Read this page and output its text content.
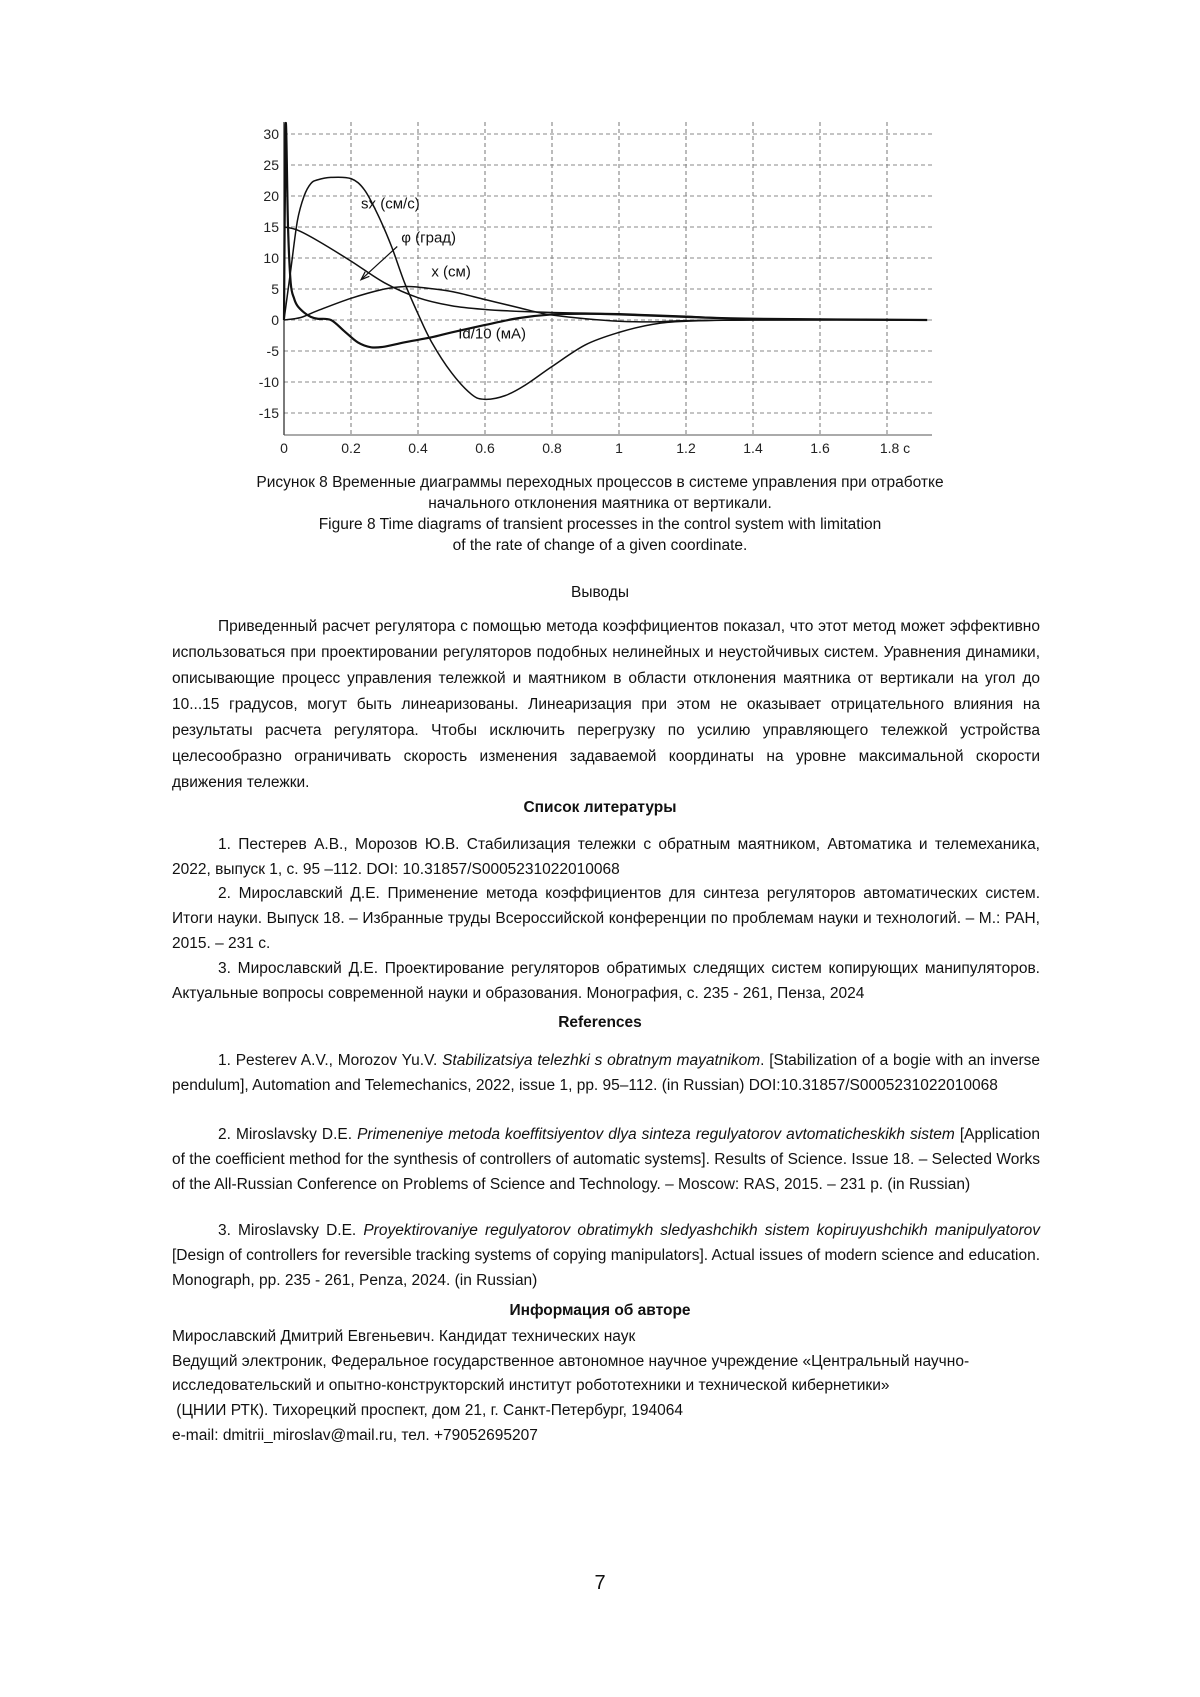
30
25
20
15
10
5
0
-5
-10
-15
0	0.2	0.4	0.6	0.8	1	1.2	1.4	1.6	1.8 с
sx (см/с)
φ (град)
x (см)
Id/10 (мА)
Рисунок 8 Временные диаграммы переходных процессов в системе управления при отработке
начального отклонения маятника от вертикали.
Figure 8 Time diagrams of transient processes in the control system with limitation
of the rate of change of a given coordinate.
Выводы
Приведенный расчет регулятора с помощью метода коэффициентов показал, что этот метод может эффективно использоваться при проектировании регуляторов подобных нелинейных и неустойчивых систем. Уравнения динамики, описывающие процесс управления тележкой и маятником в области отклонения маятника от вертикали на угол до 10...15 градусов, могут быть линеаризованы. Линеаризация при этом не оказывает отрицательного влияния на результаты расчета регулятора. Чтобы исключить перегрузку по усилию управляющего тележкой устройства целесообразно ограничивать скорость изменения задаваемой координаты на уровне максимальной скорости движения тележки.
Список литературы
1. Пестерев А.В., Морозов Ю.В. Стабилизация тележки с обратным маятником, Автоматика и телемеханика, 2022, выпуск 1, с. 95 –112. DOI: 10.31857/S0005231022010068
2. Мирославский Д.Е. Применение метода коэффициентов для синтеза регуляторов автоматических систем. Итоги науки. Выпуск 18. – Избранные труды Всероссийской конференции по проблемам науки и технологий. – М.: РАН, 2015. – 231 с.
3. Мирославский Д.Е. Проектирование регуляторов обратимых следящих систем копирующих манипуляторов. Актуальные вопросы современной науки и образования. Монография, с. 235 - 261, Пенза, 2024
References
1. Pesterev A.V., Morozov Yu.V. Stabilizatsiya telezhki s obratnym mayatnikom. [Stabilization of a bogie with an inverse pendulum], Automation and Telemechanics, 2022, issue 1, pp. 95–112. (in Russian) DOI:10.31857/S0005231022010068
2. Miroslavsky D.E. Primeneniye metoda koeffitsiyentov dlya sinteza regulyatorov avtomaticheskikh sistem [Application of the coefficient method for the synthesis of controllers of automatic systems]. Results of Science. Issue 18. – Selected Works of the All-Russian Conference on Problems of Science and Technology. – Moscow: RAS, 2015. – 231 p. (in Russian)
3. Miroslavsky D.E. Proyektirovaniye regulyatorov obratimykh sledyashchikh sistem kopiruyushchikh manipulyatorov [Design of controllers for reversible tracking systems of copying manipulators]. Actual issues of modern science and education. Monograph, pp. 235 - 261, Penza, 2024. (in Russian)
Информация об авторе
Мирославский Дмитрий Евгеньевич. Кандидат технических наук
Ведущий электроник, Федеральное государственное автономное научное учреждение «Центральный научно-
исследовательский и опытно-конструкторский институт робототехники и технической кибернетики»
(ЦНИИ РТК). Тихорецкий проспект, дом 21, г. Санкт-Петербург, 194064
e-mail: dmitrii_miroslav@mail.ru, тел. +79052695207
7
